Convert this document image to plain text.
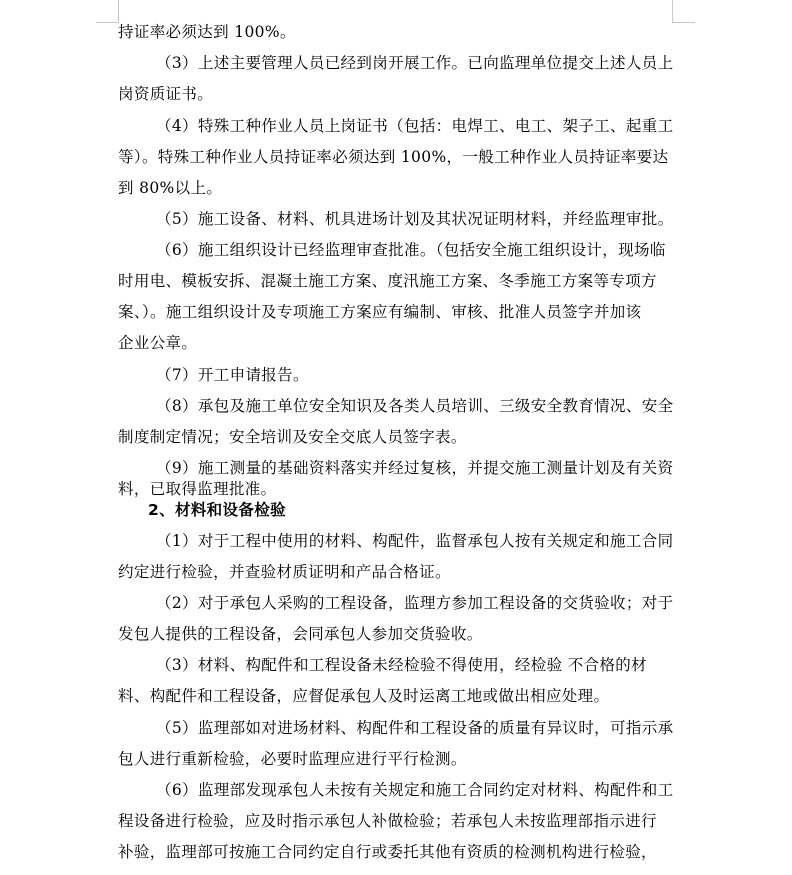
持证率必须达到 100%。
（3）上述主要管理人员已经到岗开展工作。已向监理单位提交上述人员上
岗资质证书。
（4）特殊工种作业人员上岗证书（包括：电焊工、电工、架子工、起重工
等）。特殊工种作业人员持证率必须达到 100%，一般工种作业人员持证率要达
到 80%以上。
（5）施工设备、材料、机具进场计划及其状况证明材料，并经监理审批。
（6）施工组织设计已经监理审查批准。（包括安全施工组织设计，现场临
时用电、模板安拆、混凝土施工方案、度汛施工方案、冬季施工方案等专项方
案、）。施工组织设计及专项施工方案应有编制、审核、批准人员签字并加该
企业公章。
（7）开工申请报告。
（8）承包及施工单位安全知识及各类人员培训、三级安全教育情况、安全
制度制定情况；安全培训及安全交底人员签字表。
（9）施工测量的基础资料落实并经过复核，并提交施工测量计划及有关资
料，已取得监理批准。
2、材料和设备检验
（1）对于工程中使用的材料、构配件，监督承包人按有关规定和施工合同
约定进行检验，并查验材质证明和产品合格证。
（2）对于承包人采购的工程设备，监理方参加工程设备的交货验收；对于
发包人提供的工程设备，会同承包人参加交货验收。
（3）材料、构配件和工程设备未经检验不得使用，经检验 不合格的材
料、构配件和工程设备，应督促承包人及时运离工地或做出相应处理。
（5）监理部如对进场材料、构配件和工程设备的质量有异议时，可指示承
包人进行重新检验，必要时监理应进行平行检测。
（6）监理部发现承包人未按有关规定和施工合同约定对材料、构配件和工
程设备进行检验，应及时指示承包人补做检验；若承包人未按监理部指示进行
补验，监理部可按施工合同约定自行或委托其他有资质的检测机构进行检验，
